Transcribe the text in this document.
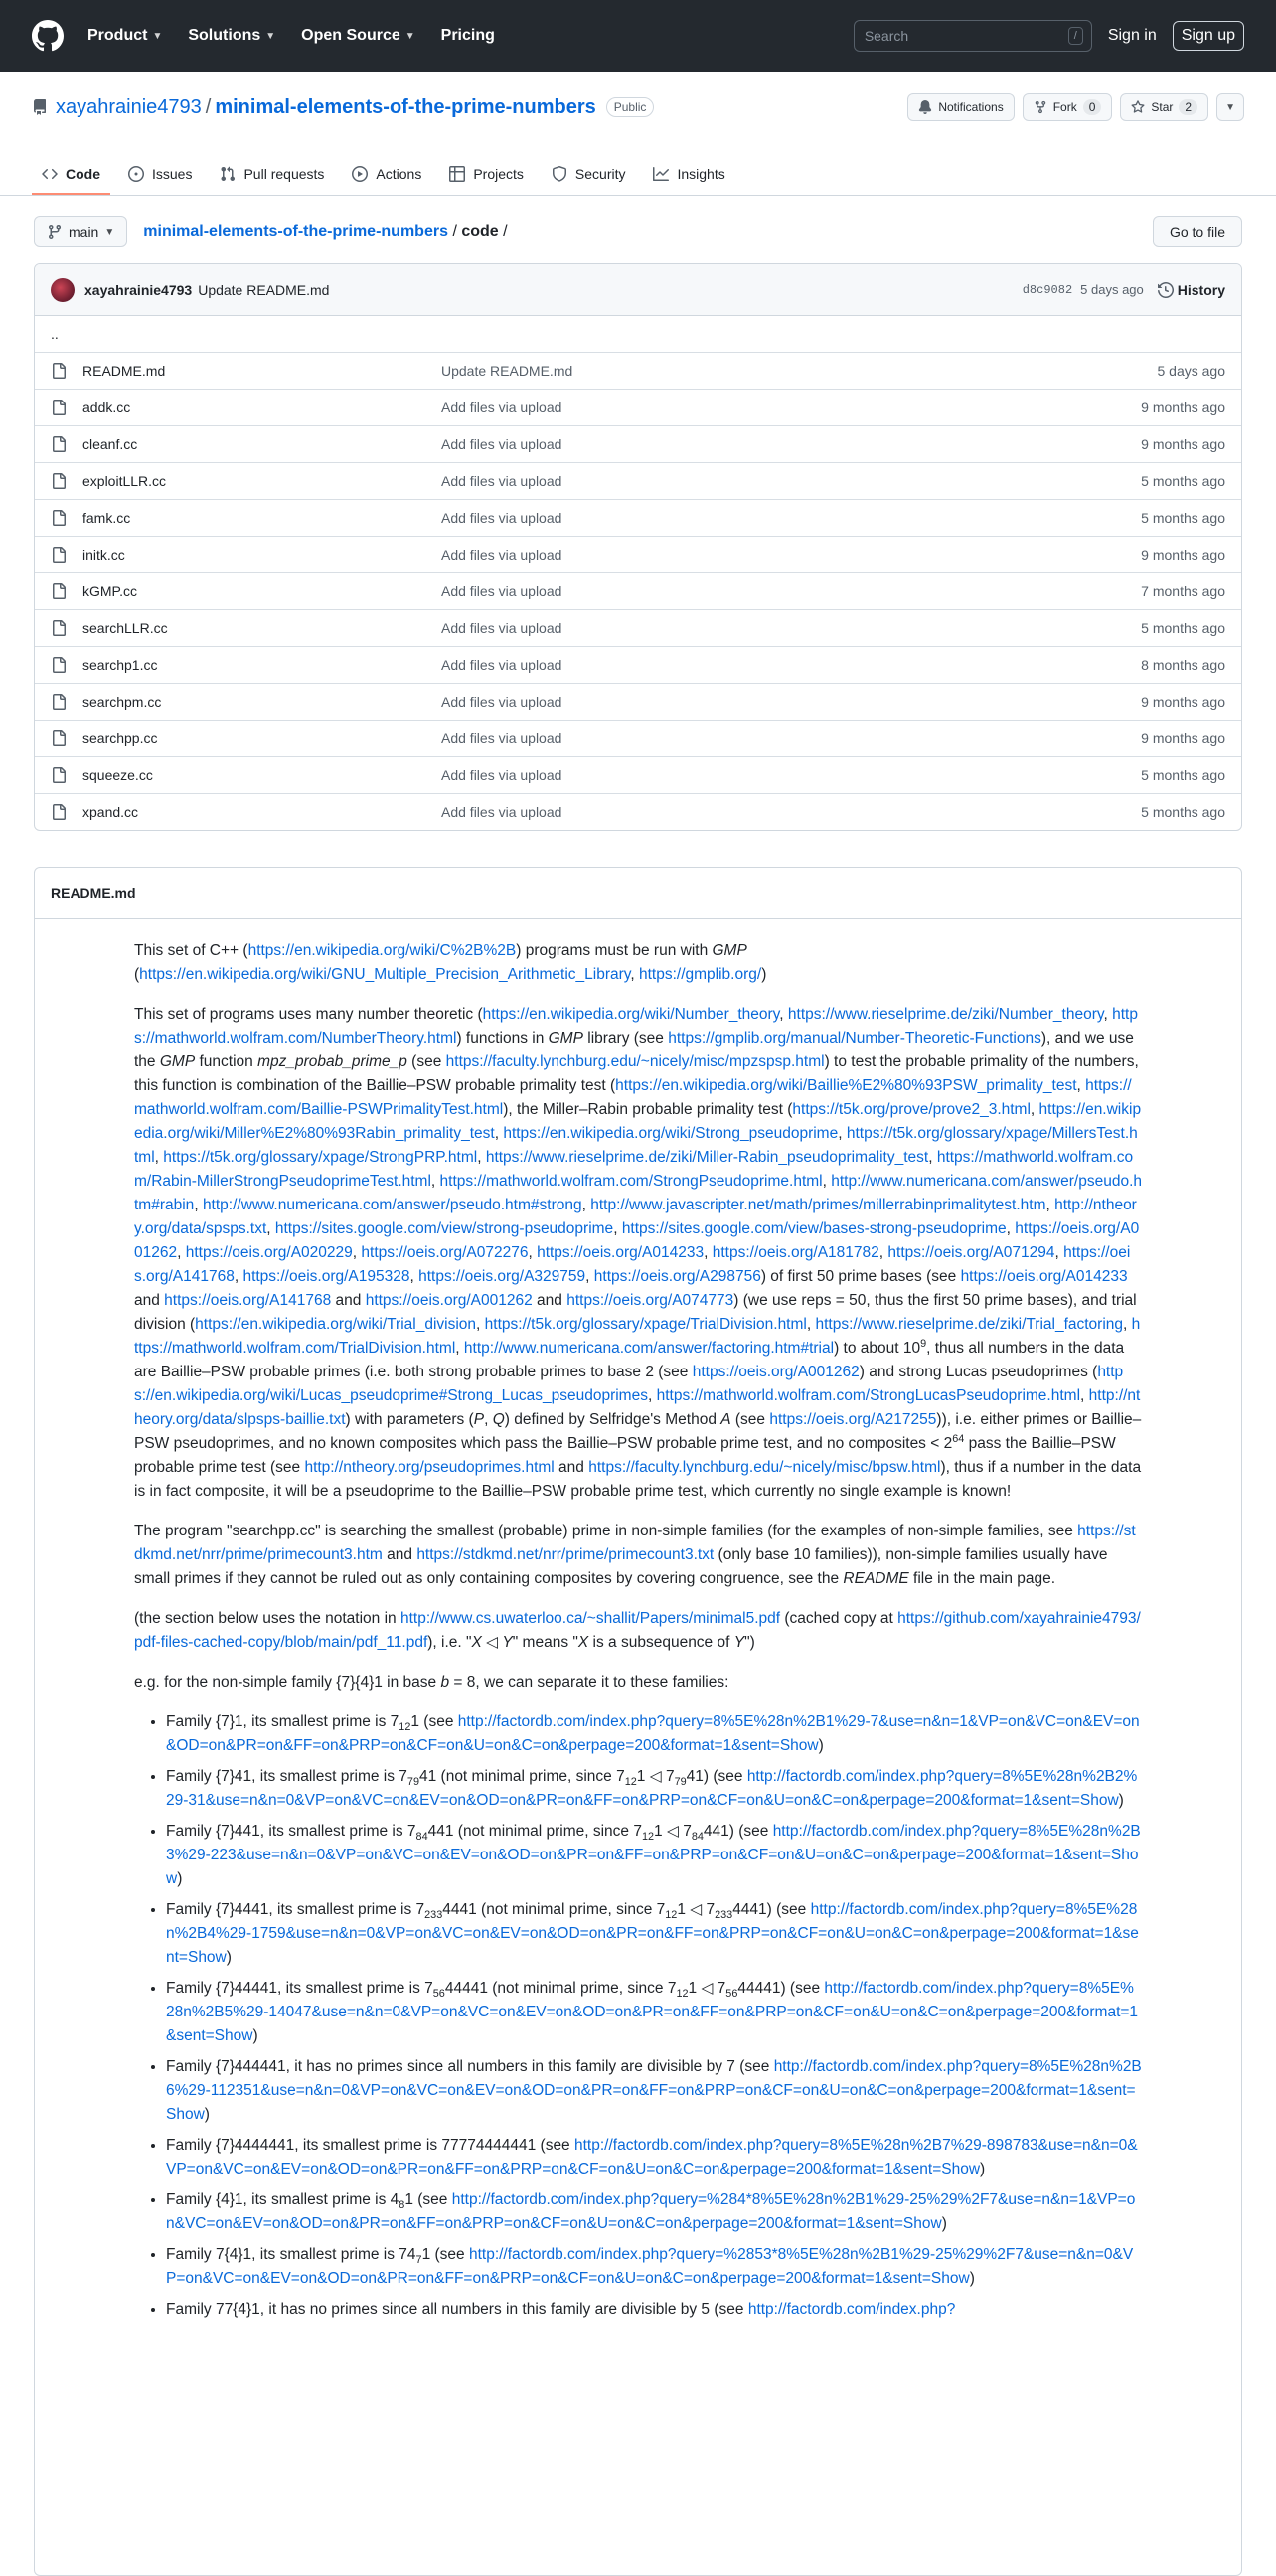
Product ▼ Solutions ▼ Open Source ▼ Pricing
Search	/	Sign in	Sign up
xayahrainie4793 / minimal-elements-of-the-prime-numbers	Public	Notifications	Fork	0	Star	2	▼
Code	Issues	Pull requests	Actions	Projects	Security	Insights
main ▼ minimal-elements-of-the-prime-numbers / code /	Go to file
xayahrainie4793 Update README.md	d8c9082 5 days ago History
..
README.md	Update README.md	5 days ago
addk.cc	Add files via upload	9 months ago
cleanf.cc	Add files via upload	9 months ago
exploitLLR.cc	Add files via upload	5 months ago
famk.cc	Add files via upload	5 months ago
initk.cc	Add files via upload	9 months ago
kGMP.cc	Add files via upload	7 months ago
searchLLR.cc	Add files via upload	5 months ago
searchp1.cc	Add files via upload	8 months ago
searchpm.cc	Add files via upload	9 months ago
searchpp.cc	Add files via upload	9 months ago
squeeze.cc	Add files via upload	5 months ago
xpand.cc	Add files via upload	5 months ago
README.md

This set of C++ (https://en.wikipedia.org/wiki/C%2B%2B) programs must be run with GMP
(https://en.wikipedia.org/wiki/GNU_Multiple_Precision_Arithmetic_Library, https://gmplib.org/)

This set of programs uses many number theoretic (https://en.wikipedia.org/wiki/Number_theory, https://www.rieselprime.de/ziki/Number_theory, https://mathworld.wolfram.com/NumberTheory.html) functions in GMP library (see https://gmplib.org/manual/Number-Theoretic-Functions), and we use the GMP function mpz_probab_prime_p (see https://faculty.lynchburg.edu/~nicely/misc/mpzspsp.html) to test the probable primality of the numbers, this function is combination of the Baillie–PSW probable primality test (https://en.wikipedia.org/wiki/Baillie%E2%80%93PSW_primality_test, https://mathworld.wolfram.com/Baillie-PSWPrimalityTest.html), the Miller–Rabin probable primality test (https://t5k.org/prove/prove2_3.html, https://en.wikipedia.org/wiki/Miller%E2%80%93Rabin_primality_test, https://en.wikipedia.org/wiki/Strong_pseudoprime, https://t5k.org/glossary/xpage/MillersTest.html, https://t5k.org/glossary/xpage/StrongPRP.html, https://www.rieselprime.de/ziki/Miller-Rabin_pseudoprimality_test, https://mathworld.wolfram.com/Rabin-MillerStrongPseudoprimeTest.html, https://mathworld.wolfram.com/StrongPseudoprime.html, http://www.numericana.com/answer/pseudo.htm#rabin, http://www.numericana.com/answer/pseudo.htm#strong, http://www.javascripter.net/math/primes/millerrabinprimalitytest.htm, http://ntheory.org/data/spsps.txt, https://sites.google.com/view/strong-pseudoprime, https://sites.google.com/view/bases-strong-pseudoprime, https://oeis.org/A001262, https://oeis.org/A020229, https://oeis.org/A072276, https://oeis.org/A014233, https://oeis.org/A181782, https://oeis.org/A071294, https://oeis.org/A141768, https://oeis.org/A195328, https://oeis.org/A329759, https://oeis.org/A298756) of first 50 prime bases (see https://oeis.org/A014233 and https://oeis.org/A141768 and https://oeis.org/A001262 and https://oeis.org/A074773) (we use reps = 50, thus the first 50 prime bases), and trial division (https://en.wikipedia.org/wiki/Trial_division, https://t5k.org/glossary/xpage/TrialDivision.html, https://www.rieselprime.de/ziki/Trial_factoring, https://mathworld.wolfram.com/TrialDivision.html, http://www.numericana.com/answer/factoring.htm#trial) to about $10^9$, thus all numbers in the data are Baillie–PSW probable primes (i.e. both strong probable primes to base 2 (see https://oeis.org/A001262) and strong Lucas pseudoprimes (https://en.wikipedia.org/wiki/Lucas_pseudoprime#Strong_Lucas_pseudoprimes, https://mathworld.wolfram.com/StrongLucasPseudoprime.html, http://ntheory.org/data/slpsps-baillie.txt) with parameters (P, Q) defined by Selfridge's Method A (see https://oeis.org/A217255)), i.e. either primes or Baillie–PSW pseudoprimes, and no known composites which pass the Baillie–PSW probable prime test, and no composites < $2^{64}$ pass the Baillie–PSW probable prime test (see http://ntheory.org/pseudoprimes.html and https://faculty.lynchburg.edu/~nicely/misc/bpsw.html), thus if a number in the data is in fact composite, it will be a pseudoprime to the Baillie–PSW probable prime test, which currently no single example is known!

The program "searchpp.cc" is searching the smallest (probable) prime in non-simple families (for the examples of non-simple families, see https://stdkmd.net/nrr/prime/primecount3.htm and https://stdkmd.net/nrr/prime/primecount3.txt (only base 10 families)), non-simple families usually have small primes if they cannot be ruled out as only containing composites by covering congruence, see the README file in the main page.

(the section below uses the notation in http://www.cs.uwaterloo.ca/~shallit/Papers/minimal5.pdf (cached copy at https://github.com/xayahrainie4793/pdf-files-cached-copy/blob/main/pdf_11.pdf), i.e. "X ◁ Y" means "X is a subsequence of Y")

e.g. for the non-simple family {7}{4}1 in base b = 8, we can separate it to these families:

• Family {7}1, its smallest prime is $7_{12}1$ (see http://factordb.com/index.php?query=8%5E%28n%2B1%29-7&use=n&n=1&VP=on&VC=on&EV=on&OD=on&PR=on&FF=on&PRP=on&CF=on&U=on&C=on&perpage=200&format=1&sent=Show)
• Family {7}41, its smallest prime is $7_{79}41$ (not minimal prime, since $7_{12}1$ ◁ $7_{79}41$) (see http://factordb.com/index.php?query=8%5E%28n%2B2%29-31&use=n&n=0&VP=on&VC=on&EV=on&OD=on&PR=on&FF=on&PRP=on&CF=on&U=on&C=on&perpage=200&format=1&sent=Show)
• Family {7}441, its smallest prime is $7_{84}441$ (not minimal prime, since $7_{12}1$ ◁ $7_{84}441$) (see http://factordb.com/index.php?query=8%5E%28n%2B3%29-223&use=n&n=0&VP=on&VC=on&EV=on&OD=on&PR=on&FF=on&PRP=on&CF=on&U=on&C=on&perpage=200&format=1&sent=Show)
• Family {7}4441, its smallest prime is $7_{233}4441$ (not minimal prime, since $7_{12}1$ ◁ $7_{233}4441$) (see http://factordb.com/index.php?query=8%5E%28n%2B4%29-1759&use=n&n=0&VP=on&VC=on&EV=on&OD=on&PR=on&FF=on&PRP=on&CF=on&U=on&C=on&perpage=200&format=1&sent=Show)
• Family {7}44441, its smallest prime is $7_{56}44441$ (not minimal prime, since $7_{12}1$ ◁ $7_{56}44441$) (see http://factordb.com/index.php?query=8%5E%28n%2B5%29-14047&use=n&n=0&VP=on&VC=on&EV=on&OD=on&PR=on&FF=on&PRP=on&CF=on&U=on&C=on&perpage=200&format=1&sent=Show)
• Family {7}444441, it has no primes since all numbers in this family are divisible by 7 (see http://factordb.com/index.php?query=8%5E%28n%2B6%29-112351&use=n&n=0&VP=on&VC=on&EV=on&OD=on&PR=on&FF=on&PRP=on&CF=on&U=on&C=on&perpage=200&format=1&sent=Show)
• Family {7}4444441, its smallest prime is 77774444441 (see http://factordb.com/index.php?query=8%5E%28n%2B7%29-898783&use=n&n=0&VP=on&VC=on&EV=on&OD=on&PR=on&FF=on&PRP=on&CF=on&U=on&C=on&perpage=200&format=1&sent=Show)
• Family {4}1, its smallest prime is $4_81$ (see http://factordb.com/index.php?query=%284*8%5E%28n%2B1%29-25%29%2F7&use=n&n=1&VP=on&VC=on&EV=on&OD=on&PR=on&FF=on&PRP=on&CF=on&U=on&C=on&perpage=200&format=1&sent=Show)
• Family 7{4}1, its smallest prime is $74_71$ (see http://factordb.com/index.php?query=%2853*8%5E%28n%2B1%29-25%29%2F7&use=n&n=0&VP=on&VC=on&EV=on&OD=on&PR=on&FF=on&PRP=on&CF=on&U=on&C=on&perpage=200&format=1&sent=Show)
• Family 77{4}1, it has no primes since all numbers in this family are divisible by 5 (see http://factordb.com/index.php?
